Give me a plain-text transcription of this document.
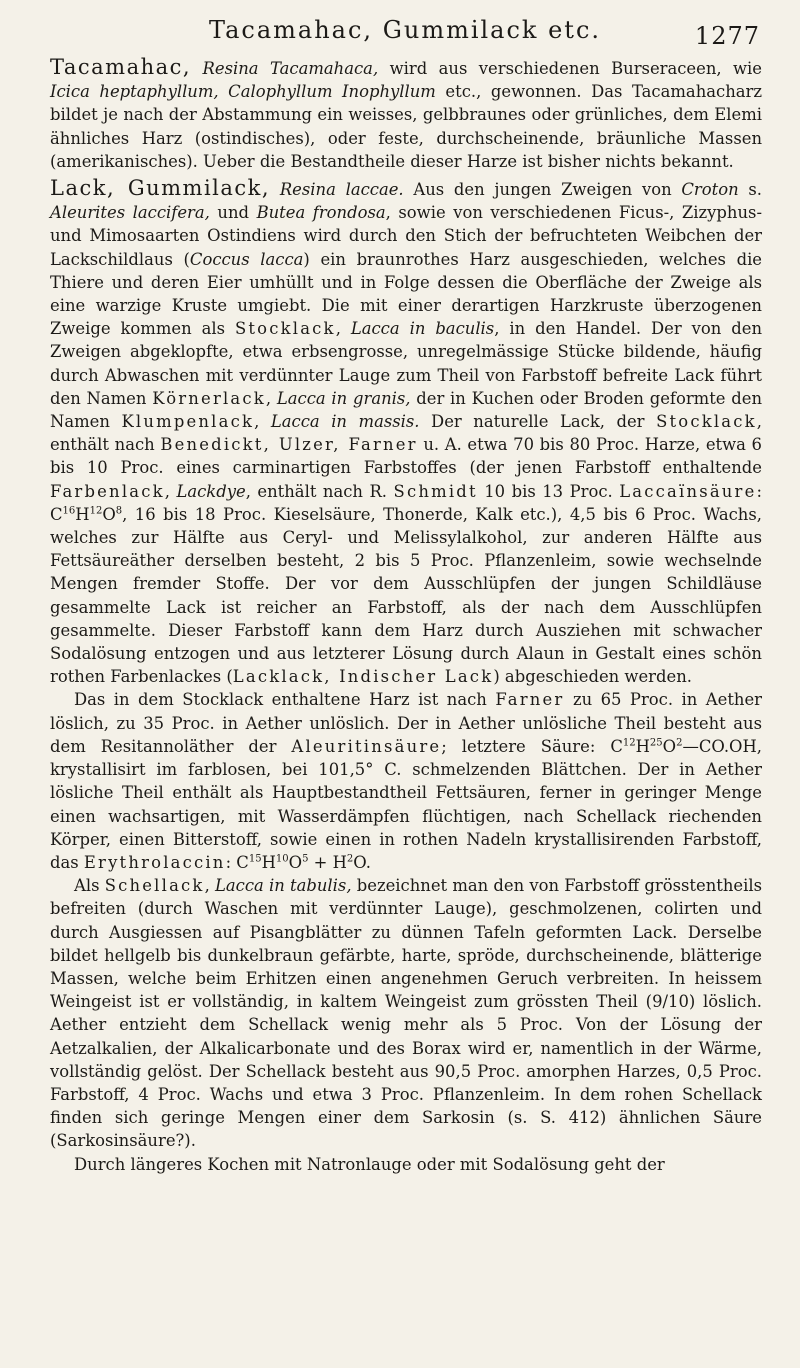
Tacamahac, Gummilack etc.	1277

Tacamahac, Resina Tacamahaca, wird aus verschiedenen Burseraceen, wie Icica heptaphyllum, Calophyllum Inophyllum etc., gewonnen. Das Tacamahacharz bildet je nach der Abstammung ein weisses, gelbbraunes oder grünliches, dem Elemi ähnliches Harz (ostindisches), oder feste, durchscheinende, bräunliche Massen (amerikanisches). Ueber die Bestandtheile dieser Harze ist bisher nichts bekannt.

Lack, Gummilack, Resina laccae. Aus den jungen Zweigen von Croton s. Aleurites laccifera, und Butea frondosa, sowie von verschiedenen Ficus-, Zizyphus- und Mimosaarten Ostindiens wird durch den Stich der befruchteten Weibchen der Lackschildlaus (Coccus lacca) ein braunrothes Harz ausgeschieden, welches die Thiere und deren Eier umhüllt und in Folge dessen die Oberfläche der Zweige als eine warzige Kruste umgiebt. Die mit einer derartigen Harzkruste überzogenen Zweige kommen als Stocklack, Lacca in baculis, in den Handel. Der von den Zweigen abgeklopfte, etwa erbsengrosse, unregelmässige Stücke bildende, häufig durch Abwaschen mit verdünnter Lauge zum Theil von Farbstoff befreite Lack führt den Namen Körnerlack, Lacca in granis, der in Kuchen oder Broden geformte den Namen Klumpenlack, Lacca in massis. Der naturelle Lack, der Stocklack, enthält nach Benedickt, Ulzer, Farner u. A. etwa 70 bis 80 Proc. Harze, etwa 6 bis 10 Proc. eines carminartigen Farbstoffes (der jenen Farbstoff enthaltende Farbenlack, Lackdye, enthält nach R. Schmidt 10 bis 13 Proc. Laccaïnsäure: $C^{16}H^{12}O^8$, 16 bis 18 Proc. Kieselsäure, Thonerde, Kalk etc.), 4,5 bis 6 Proc. Wachs, welches zur Hälfte aus Ceryl- und Melissylalkohol, zur anderen Hälfte aus Fettsäureäther derselben besteht, 2 bis 5 Proc. Pflanzenleim, sowie wechselnde Mengen fremder Stoffe. Der vor dem Ausschlüpfen der jungen Schildläuse gesammelte Lack ist reicher an Farbstoff, als der nach dem Ausschlüpfen gesammelte. Dieser Farbstoff kann dem Harz durch Ausziehen mit schwacher Sodalösung entzogen und aus letzterer Lösung durch Alaun in Gestalt eines schön rothen Farbenlackes (Lacklack, Indischer Lack) abgeschieden werden.

Das in dem Stocklack enthaltene Harz ist nach Farner zu 65 Proc. in Aether löslich, zu 35 Proc. in Aether unlöslich. Der in Aether unlösliche Theil besteht aus dem Resitannoläther der Aleuritinsäure; letztere Säure: $C^{12}H^{25}O^2—CO.OH$, krystallisirt im farblosen, bei 101,5° C. schmelzenden Blättchen. Der in Aether lösliche Theil enthält als Hauptbestandtheil Fettsäuren, ferner in geringer Menge einen wachsartigen, mit Wasserdämpfen flüchtigen, nach Schellack riechenden Körper, einen Bitterstoff, sowie einen in rothen Nadeln krystallisirenden Farbstoff, das Erythrolaccin: $C^{15}H^{10}O^5 + H^2O$.

Als Schellack, Lacca in tabulis, bezeichnet man den von Farbstoff grösstentheils befreiten (durch Waschen mit verdünnter Lauge), geschmolzenen, colirten und durch Ausgiessen auf Pisangblätter zu dünnen Tafeln geformten Lack. Derselbe bildet hellgelb bis dunkelbraun gefärbte, harte, spröde, durchscheinende, blätterige Massen, welche beim Erhitzen einen angenehmen Geruch verbreiten. In heissem Weingeist ist er vollständig, in kaltem Weingeist zum grössten Theil (9/10) löslich. Aether entzieht dem Schellack wenig mehr als 5 Proc. Von der Lösung der Aetzalkalien, der Alkalicarbonate und des Borax wird er, namentlich in der Wärme, vollständig gelöst. Der Schellack besteht aus 90,5 Proc. amorphen Harzes, 0,5 Proc. Farbstoff, 4 Proc. Wachs und etwa 3 Proc. Pflanzenleim. In dem rohen Schellack finden sich geringe Mengen einer dem Sarkosin (s. S. 412) ähnlichen Säure (Sarkosinsäure?).

Durch längeres Kochen mit Natronlauge oder mit Sodalösung geht der
